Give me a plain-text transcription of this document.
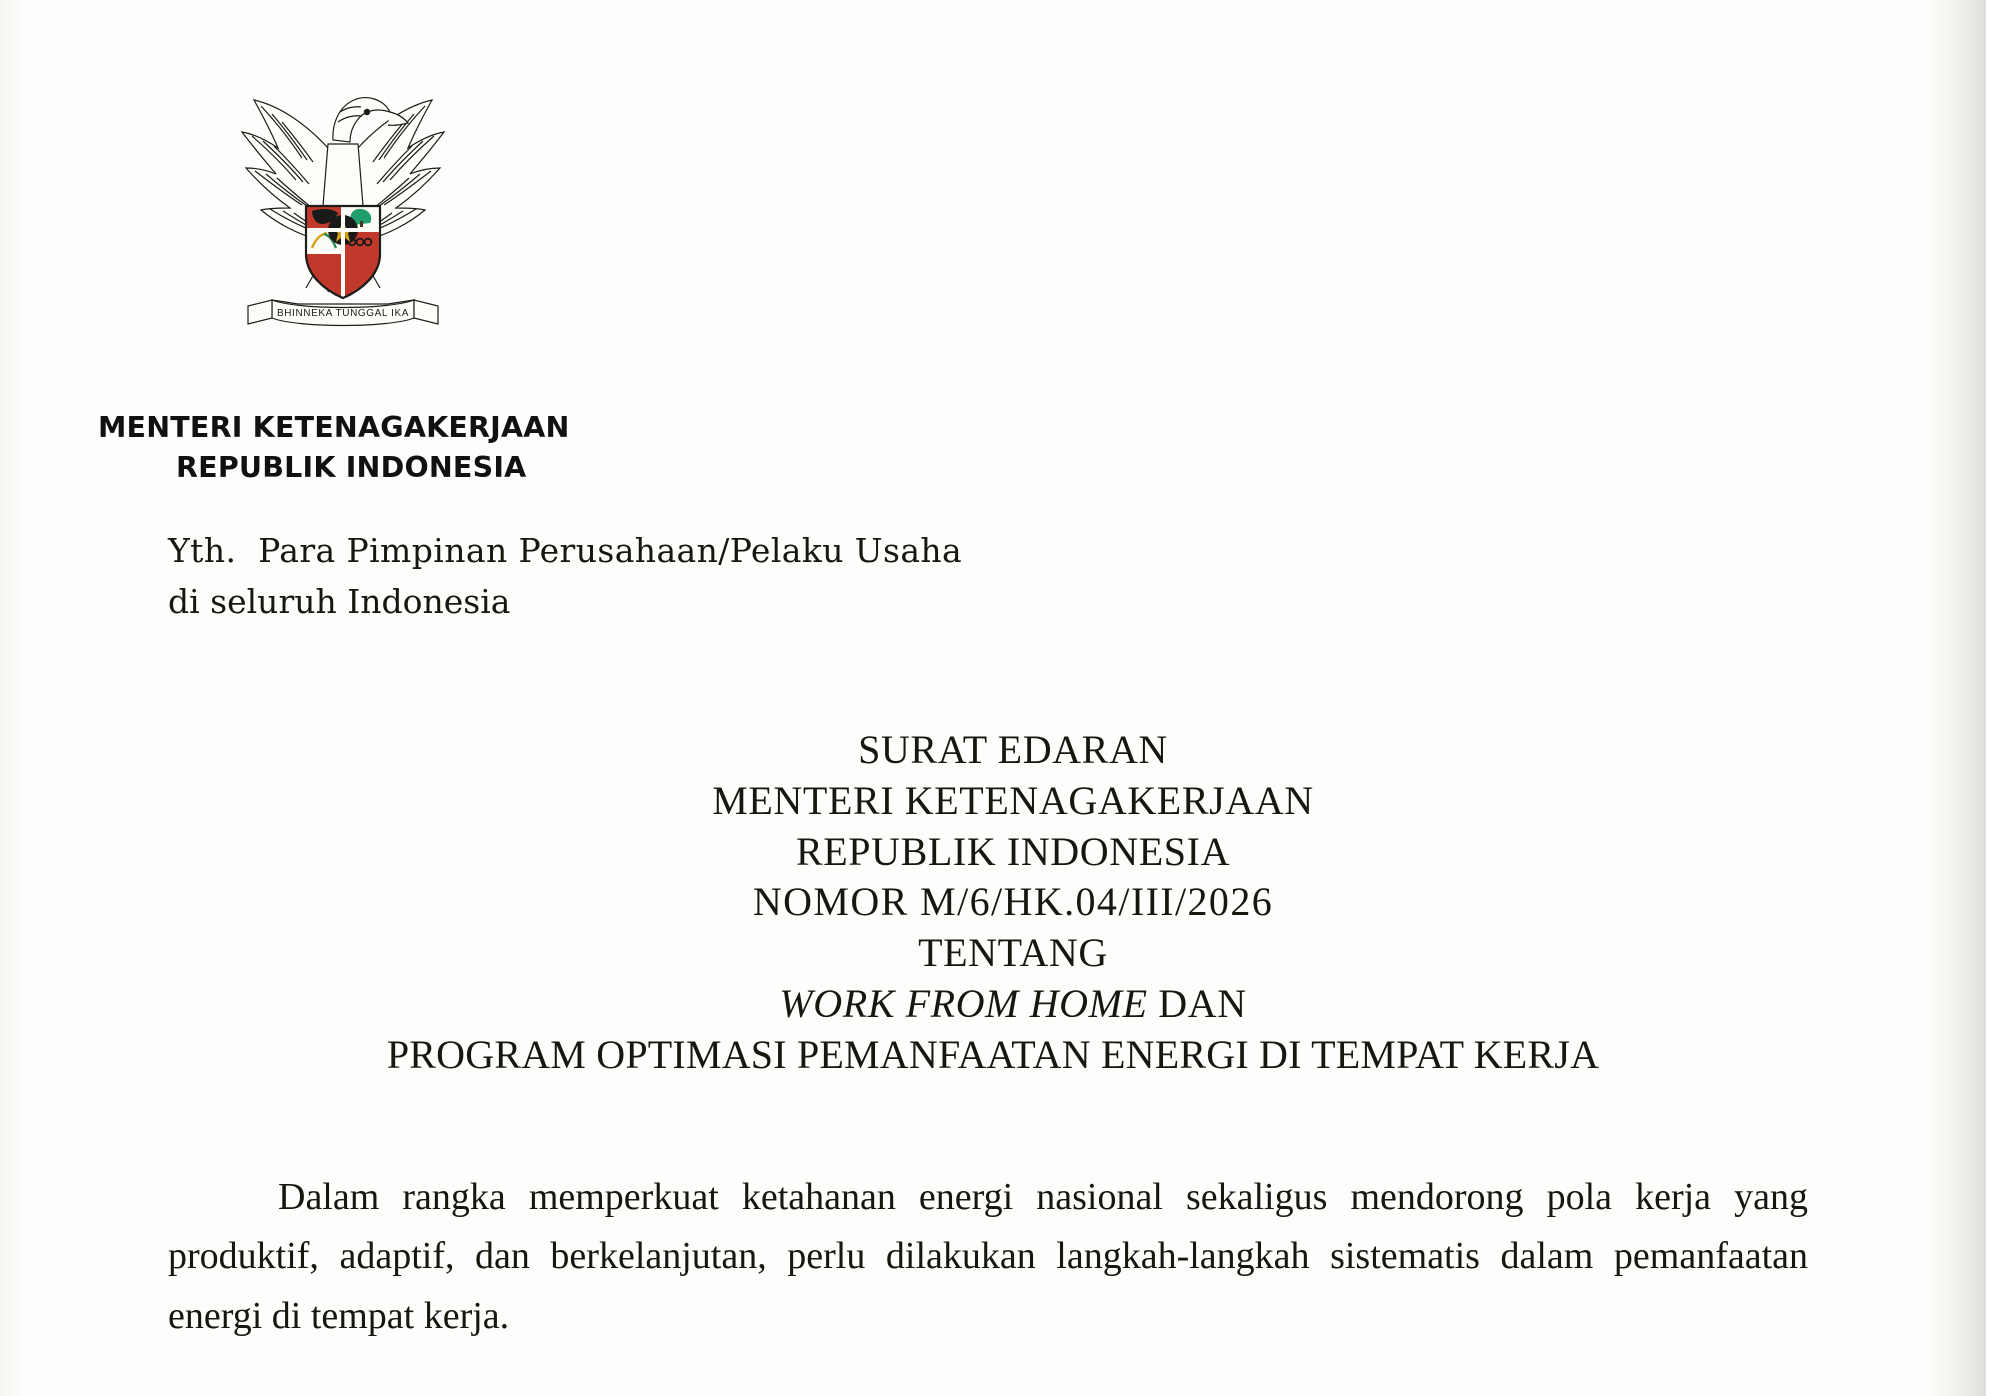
BHINNEKA TUNGGAL IKA
MENTERI KETENAGAKERJAAN
REPUBLIK INDONESIA
Yth.  Para Pimpinan Perusahaan/Pelaku Usaha
di seluruh Indonesia
SURAT EDARAN
MENTERI KETENAGAKERJAAN
REPUBLIK INDONESIA
NOMOR M/6/HK.04/III/2026
TENTANG
WORK FROM HOME DAN
PROGRAM OPTIMASI PEMANFAATAN ENERGI DI TEMPAT KERJA
Dalam rangka memperkuat ketahanan energi nasional sekaligus mendorong pola kerja yang produktif, adaptif, dan berkelanjutan, perlu dilakukan langkah-langkah sistematis dalam pemanfaatan energi di tempat kerja.
